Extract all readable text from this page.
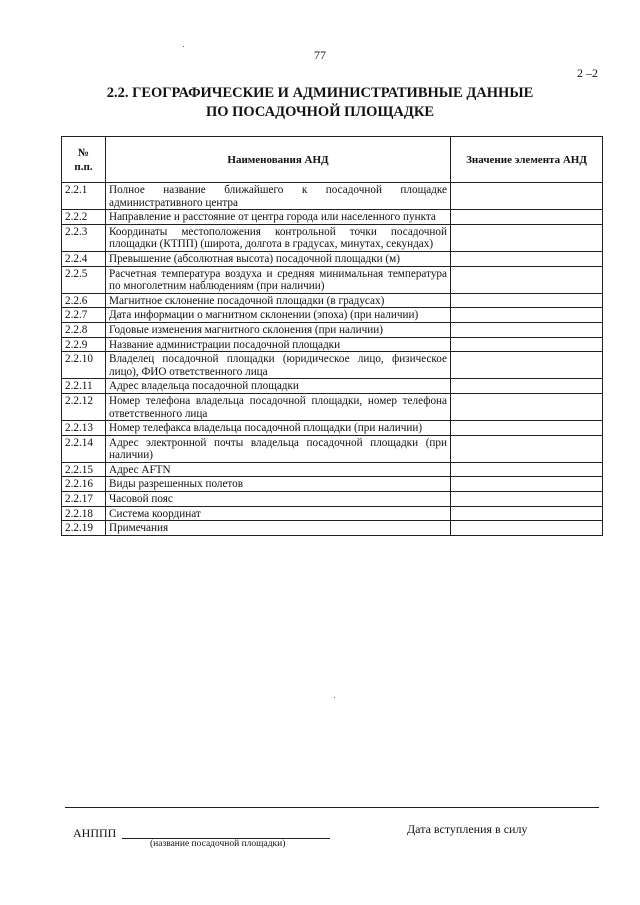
77
2 –2
2.2. ГЕОГРАФИЧЕСКИЕ И АДМИНИСТРАТИВНЫЕ ДАННЫЕ
ПО ПОСАДОЧНОЙ ПЛОЩАДКЕ
№
п.п.	Наименования АНД	Значение элемента АНД
2.2.1	Полное название ближайшего к посадочной площадке административного центра	
2.2.2	Направление и расстояние от центра города или населенного пункта	
2.2.3	Координаты местоположения контрольной точки посадочной площадки (КТПП) (широта, долгота в градусах, минутах, секундах)	
2.2.4	Превышение (абсолютная высота) посадочной площадки (м)	
2.2.5	Расчетная температура воздуха и средняя минимальная температура по многолетним наблюдениям (при наличии)	
2.2.6	Магнитное склонение посадочной площадки (в градусах)	
2.2.7	Дата информации о магнитном склонении (эпоха) (при наличии)	
2.2.8	Годовые изменения магнитного склонения (при наличии)	
2.2.9	Название администрации посадочной площадки	
2.2.10	Владелец посадочной площадки (юридическое лицо, физическое лицо), ФИО ответственного лица	
2.2.11	Адрес владельца посадочной площадки	
2.2.12	Номер телефона владельца посадочной площадки, номер телефона ответственного лица	
2.2.13	Номер телефакса владельца посадочной площадки (при наличии)	
2.2.14	Адрес электронной почты владельца посадочной площадки (при наличии)	
2.2.15	Адрес AFTN	
2.2.16	Виды разрешенных полетов	
2.2.17	Часовой пояс	
2.2.18	Система координат	
2.2.19	Примечания	
АНППП
(название посадочной площадки)
Дата вступления в силу
